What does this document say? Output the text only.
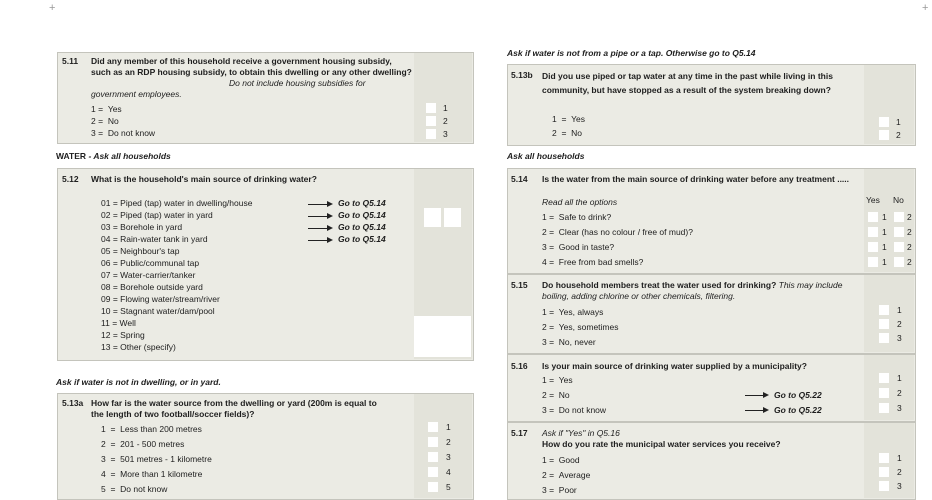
+	+
5.11 Did any member of this household receive a government housing subsidy, such as an RDP housing subsidy, to obtain this dwelling or any other dwelling?
Do not include housing subsidies for government employees.
1 = Yes
2 = No
3 = Do not know
1
2
3
WATER - Ask all households
5.12 What is the household's main source of drinking water?
01 = Piped (tap) water in dwelling/house
02 = Piped (tap) water in yard
03 = Borehole in yard
04 = Rain-water tank in yard
05 = Neighbour's tap
06 = Public/communal tap
07 = Water-carrier/tanker
08 = Borehole outside yard
09 = Flowing water/stream/river
10 = Stagnant water/dam/pool
11 = Well
12 = Spring
13 = Other (specify)
Go to Q5.14
Go to Q5.14
Go to Q5.14
Go to Q5.14
Ask if water is not in dwelling, or in yard.
5.13a How far is the water source from the dwelling or yard (200m is equal to the length of two football/soccer fields)?
1  =  Less than 200 metres
2  =  201 - 500 metres
3  =  501 metres - 1 kilometre
4  =  More than 1 kilometre
5  =  Do not know
1
2
3
4
5
Ask if water is not from a pipe or a tap. Otherwise go to Q5.14
5.13b Did you use piped or tap water at any time in the past while living in this community, but have stopped as a result of the system breaking down?
1  =  Yes
2  =  No
1
2
Ask all households
5.14 Is the water from the main source of drinking water before any treatment .....
Read all the options	Yes No
1 =  Safe to drink?
2 =  Clear (has no colour / free of mud)?
3 =  Good in taste?
4 =  Free from bad smells?
1 2
1 2
1 2
1 2
5.15 Do household members treat the water used for drinking? This may include boiling, adding chlorine or other chemicals, filtering.
1 =  Yes, always
2 =  Yes, sometimes
3 =  No, never
1
2
3
5.16 Is your main source of drinking water supplied by a municipality?
1 =  Yes
2 =  No
3 =  Do not know
Go to Q5.22
Go to Q5.22
1
2
3
5.17 Ask if "Yes" in Q5.16
How do you rate the municipal water services you receive?
1 =  Good
2 =  Average
3 =  Poor
1
2
3
